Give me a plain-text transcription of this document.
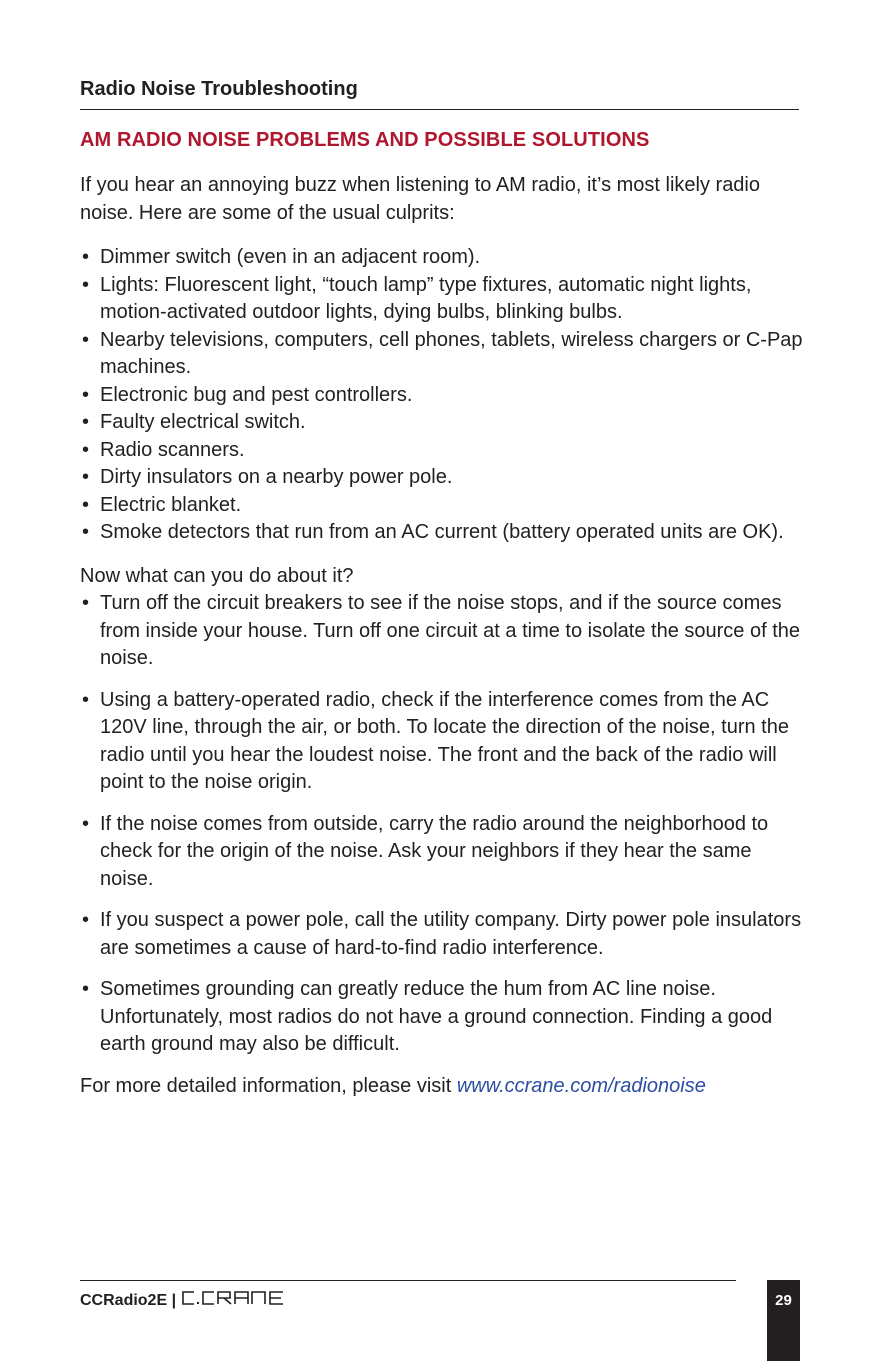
Radio Noise Troubleshooting
AM RADIO NOISE PROBLEMS AND POSSIBLE SOLUTIONS

If you hear an annoying buzz when listening to AM radio, it’s most likely radio noise. Here are some of the usual culprits:

• Dimmer switch (even in an adjacent room).
• Lights: Fluorescent light, “touch lamp” type fixtures, automatic night lights, motion-activated outdoor lights, dying bulbs, blinking bulbs.
• Nearby televisions, computers, cell phones, tablets, wireless chargers or C-Pap machines.
• Electronic bug and pest controllers.
• Faulty electrical switch.
• Radio scanners.
• Dirty insulators on a nearby power pole.
• Electric blanket.
• Smoke detectors that run from an AC current (battery operated units are OK).

Now what can you do about it?

• Turn off the circuit breakers to see if the noise stops, and if the source comes from inside your house. Turn off one circuit at a time to isolate the source of the noise.
• Using a battery-operated radio, check if the interference comes from the AC 120V line, through the air, or both. To locate the direction of the noise, turn the radio until you hear the loudest noise. The front and the back of the radio will point to the noise origin.
• If the noise comes from outside, carry the radio around the neighborhood to check for the origin of the noise. Ask your neighbors if they hear the same noise.
• If you suspect a power pole, call the utility company. Dirty power pole insulators are sometimes a cause of hard-to-find radio interference.
• Sometimes grounding can greatly reduce the hum from AC line noise. Unfortunately, most radios do not have a ground connection. Finding a good earth ground may also be difficult.

For more detailed information, please visit www.ccrane.com/radionoise

CCRadio2E |	29
